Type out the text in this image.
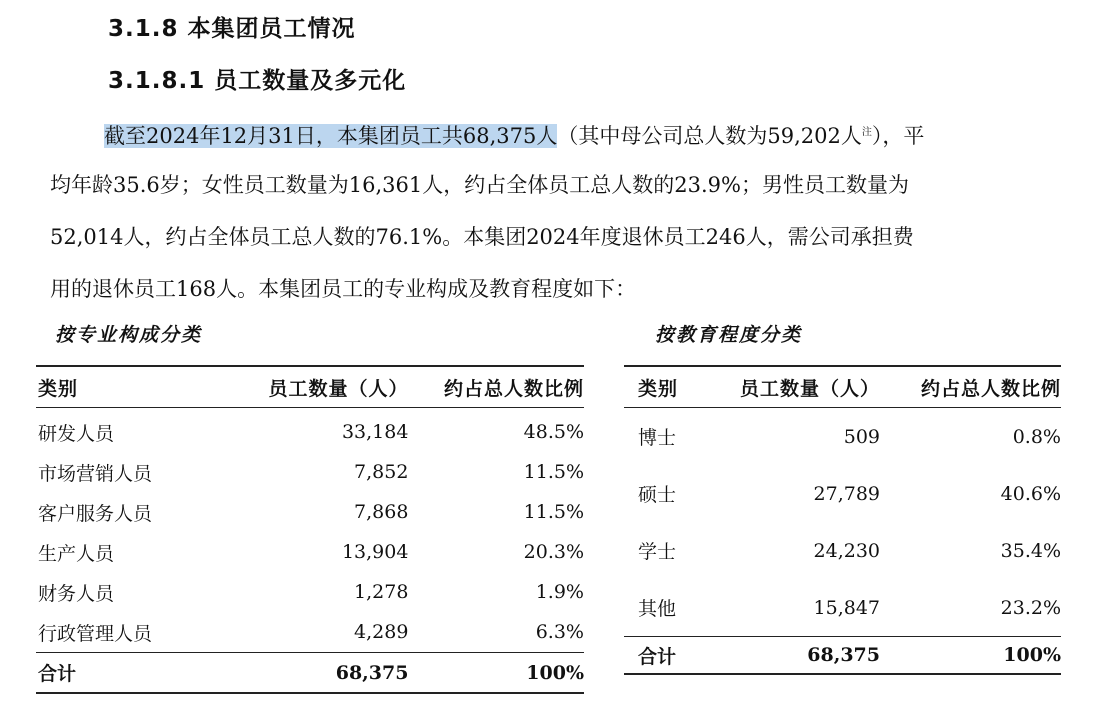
3.1.8 本集团员工情况
3.1.8.1 员工数量及多元化
截至2024年12月31日，本集团员工共68,375人（其中母公司总人数为59,202人$^注$），平
均年龄35.6岁；女性员工数量为16,361人，约占全体员工总人数的23.9%；男性员工数量为
52,014人，约占全体员工总人数的76.1%。本集团2024年度退休员工246人，需公司承担费
用的退休员工168人。本集团员工的专业构成及教育程度如下：
按专业构成分类	按教育程度分类
类别	员工数量（人）	约占总人数比例
研发人员	33,184	48.5%
市场营销人员	7,852	11.5%
客户服务人员	7,868	11.5%
生产人员	13,904	20.3%
财务人员	1,278	1.9%
行政管理人员	4,289	6.3%
合计	68,375	100%
类别	员工数量（人）	约占总人数比例
博士	509	0.8%
硕士	27,789	40.6%
学士	24,230	35.4%
其他	15,847	23.2%
合计	68,375	100%
